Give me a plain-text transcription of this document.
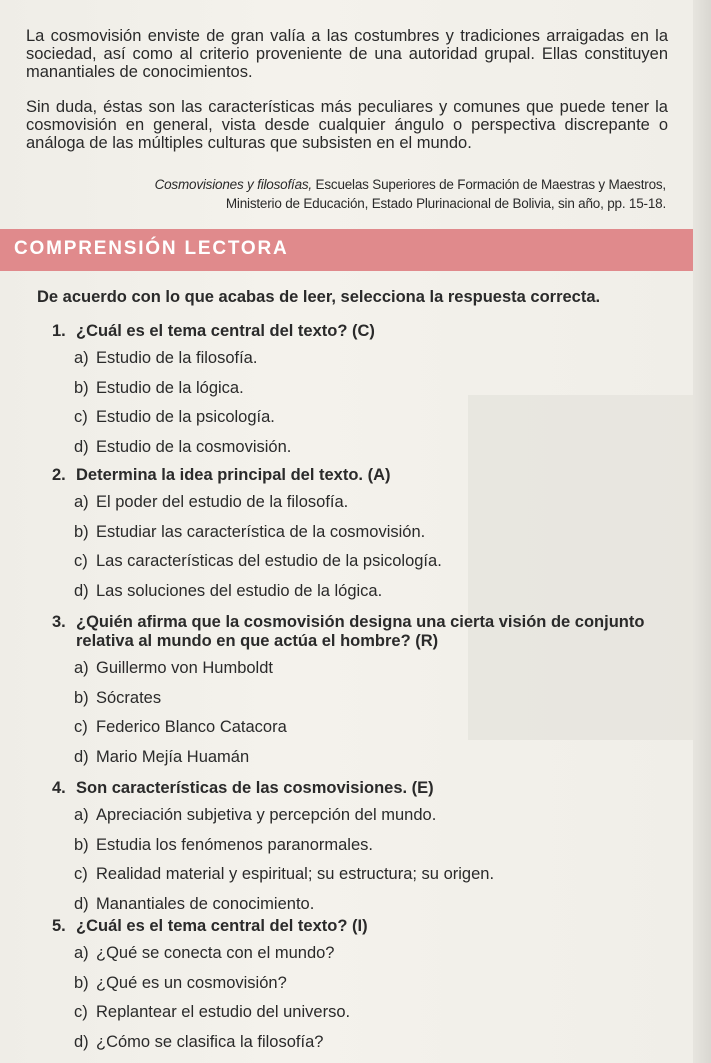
La cosmovisión enviste de gran valía a las costumbres y tradiciones arraigadas en la sociedad, así como al criterio proveniente de una autoridad grupal. Ellas constituyen manantiales de conocimientos.

Sin duda, éstas son las características más peculiares y comunes que puede tener la cosmovisión en general, vista desde cualquier ángulo o perspectiva discrepante o análoga de las múltiples culturas que subsisten en el mundo.

Cosmovisiones y filosofías, Escuelas Superiores de Formación de Maestras y Maestros,
Ministerio de Educación, Estado Plurinacional de Bolivia, sin año, pp. 15-18.

COMPRENSIÓN LECTORA

De acuerdo con lo que acabas de leer, selecciona la respuesta correcta.

1. ¿Cuál es el tema central del texto? (C)
a) Estudio de la filosofía.
b) Estudio de la lógica.
c) Estudio de la psicología.
d) Estudio de la cosmovisión.
2. Determina la idea principal del texto. (A)
a) El poder del estudio de la filosofía.
b) Estudiar las característica de la cosmovisión.
c) Las características del estudio de la psicología.
d) Las soluciones del estudio de la lógica.
3. ¿Quién afirma que la cosmovisión designa una cierta visión de conjunto
relativa al mundo en que actúa el hombre? (R)
a) Guillermo von Humboldt
b) Sócrates
c) Federico Blanco Catacora
d) Mario Mejía Huamán
4. Son características de las cosmovisiones. (E)
a) Apreciación subjetiva y percepción del mundo.
b) Estudia los fenómenos paranormales.
c) Realidad material y espiritual; su estructura; su origen.
d) Manantiales de conocimiento.
5. ¿Cuál es el tema central del texto? (I)
a) ¿Qué se conecta con el mundo?
b) ¿Qué es un cosmovisión?
c) Replantear el estudio del universo.
d) ¿Cómo se clasifica la filosofía?
